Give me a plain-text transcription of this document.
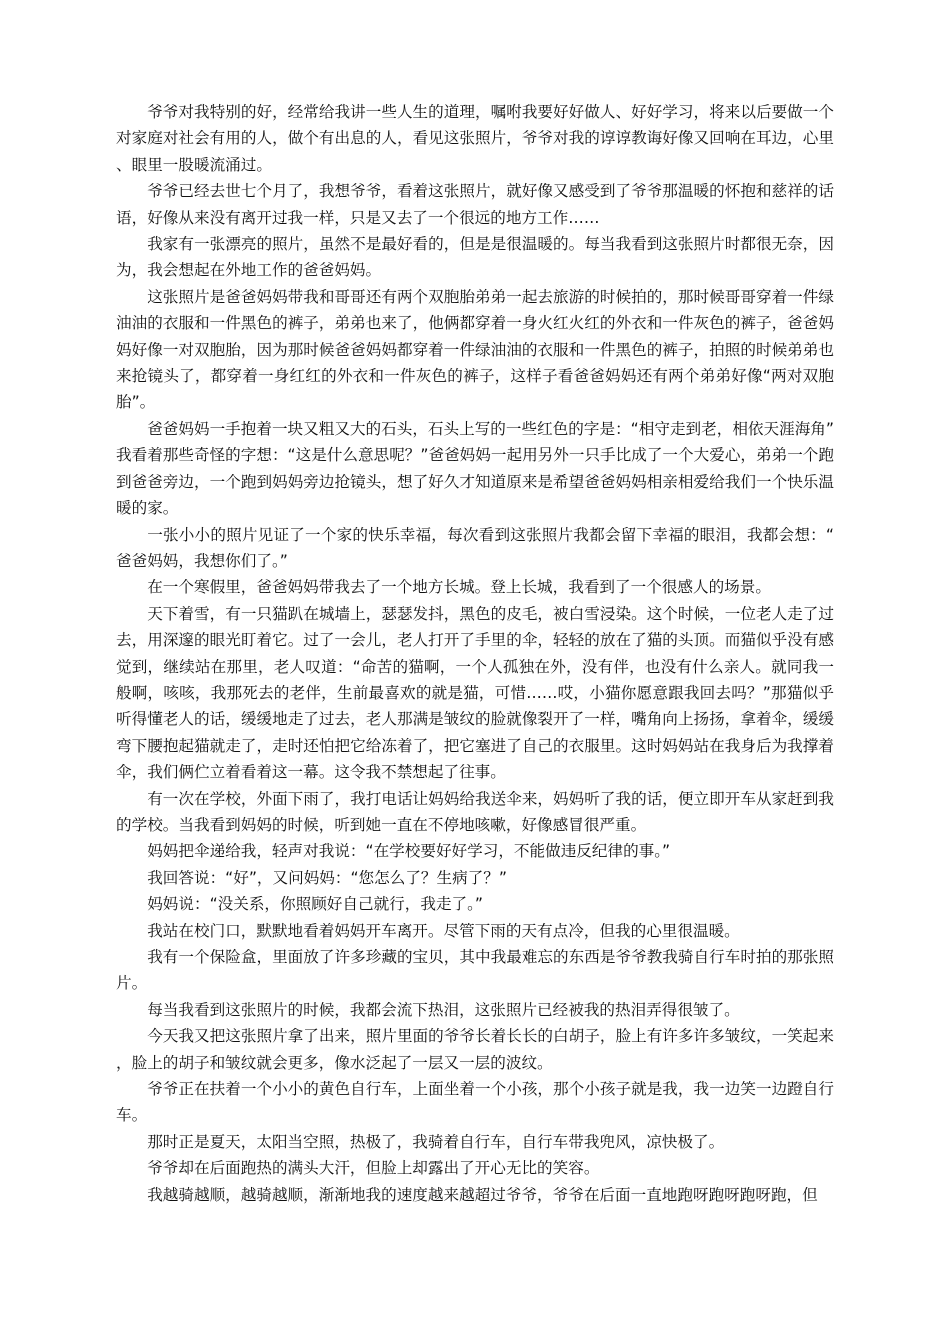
爷爷对我特别的好，经常给我讲一些人生的道理，嘱咐我要好好做人、好好学习，将来以后要做一个对家庭对社会有用的人，做个有出息的人，看见这张照片，爷爷对我的谆谆教诲好像又回响在耳边，心里、眼里一股暖流涌过。

爷爷已经去世七个月了，我想爷爷，看着这张照片，就好像又感受到了爷爷那温暖的怀抱和慈祥的话语，好像从来没有离开过我一样，只是又去了一个很远的地方工作……

我家有一张漂亮的照片，虽然不是最好看的，但是是很温暖的。每当我看到这张照片时都很无奈，因为，我会想起在外地工作的爸爸妈妈。

这张照片是爸爸妈妈带我和哥哥还有两个双胞胎弟弟一起去旅游的时候拍的，那时候哥哥穿着一件绿油油的衣服和一件黑色的裤子，弟弟也来了，他俩都穿着一身火红火红的外衣和一件灰色的裤子，爸爸妈妈好像一对双胞胎，因为那时候爸爸妈妈都穿着一件绿油油的衣服和一件黑色的裤子，拍照的时候弟弟也来抢镜头了，都穿着一身红红的外衣和一件灰色的裤子，这样子看爸爸妈妈还有两个弟弟好像“两对双胞胎”。

爸爸妈妈一手抱着一块又粗又大的石头，石头上写的一些红色的字是：“相守走到老，相依天涯海角”我看着那些奇怪的字想：“这是什么意思呢？”爸爸妈妈一起用另外一只手比成了一个大爱心，弟弟一个跑到爸爸旁边，一个跑到妈妈旁边抢镜头，想了好久才知道原来是希望爸爸妈妈相亲相爱给我们一个快乐温暖的家。

一张小小的照片见证了一个家的快乐幸福，每次看到这张照片我都会留下幸福的眼泪，我都会想：“爸爸妈妈，我想你们了。”

在一个寒假里，爸爸妈妈带我去了一个地方长城。登上长城，我看到了一个很感人的场景。

天下着雪，有一只猫趴在城墙上，瑟瑟发抖，黑色的皮毛，被白雪浸染。这个时候，一位老人走了过去，用深邃的眼光盯着它。过了一会儿，老人打开了手里的伞，轻轻的放在了猫的头顶。而猫似乎没有感觉到，继续站在那里，老人叹道：“命苦的猫啊，一个人孤独在外，没有伴，也没有什么亲人。就同我一般啊，咳咳，我那死去的老伴，生前最喜欢的就是猫，可惜……哎，小猫你愿意跟我回去吗？”那猫似乎听得懂老人的话，缓缓地走了过去，老人那满是皱纹的脸就像裂开了一样，嘴角向上扬扬，拿着伞，缓缓弯下腰抱起猫就走了，走时还怕把它给冻着了，把它塞进了自己的衣服里。这时妈妈站在我身后为我撑着伞，我们俩伫立着看着这一幕。这令我不禁想起了往事。

有一次在学校，外面下雨了，我打电话让妈妈给我送伞来，妈妈听了我的话，便立即开车从家赶到我的学校。当我看到妈妈的时候，听到她一直在不停地咳嗽，好像感冒很严重。

妈妈把伞递给我，轻声对我说：“在学校要好好学习，不能做违反纪律的事。”

我回答说：“好”，又问妈妈：“您怎么了？生病了？”

妈妈说：“没关系，你照顾好自己就行，我走了。”

我站在校门口，默默地看着妈妈开车离开。尽管下雨的天有点冷，但我的心里很温暖。

我有一个保险盒，里面放了许多珍藏的宝贝，其中我最难忘的东西是爷爷教我骑自行车时拍的那张照片。

每当我看到这张照片的时候，我都会流下热泪，这张照片已经被我的热泪弄得很皱了。

今天我又把这张照片拿了出来，照片里面的爷爷长着长长的白胡子，脸上有许多许多皱纹，一笑起来，脸上的胡子和皱纹就会更多，像水泛起了一层又一层的波纹。

爷爷正在扶着一个小小的黄色自行车，上面坐着一个小孩，那个小孩子就是我，我一边笑一边蹬自行车。

那时正是夏天，太阳当空照，热极了，我骑着自行车，自行车带我兜风，凉快极了。

爷爷却在后面跑热的满头大汗，但脸上却露出了开心无比的笑容。

我越骑越顺，越骑越顺，渐渐地我的速度越来越超过爷爷，爷爷在后面一直地跑呀跑呀跑呀跑，但
